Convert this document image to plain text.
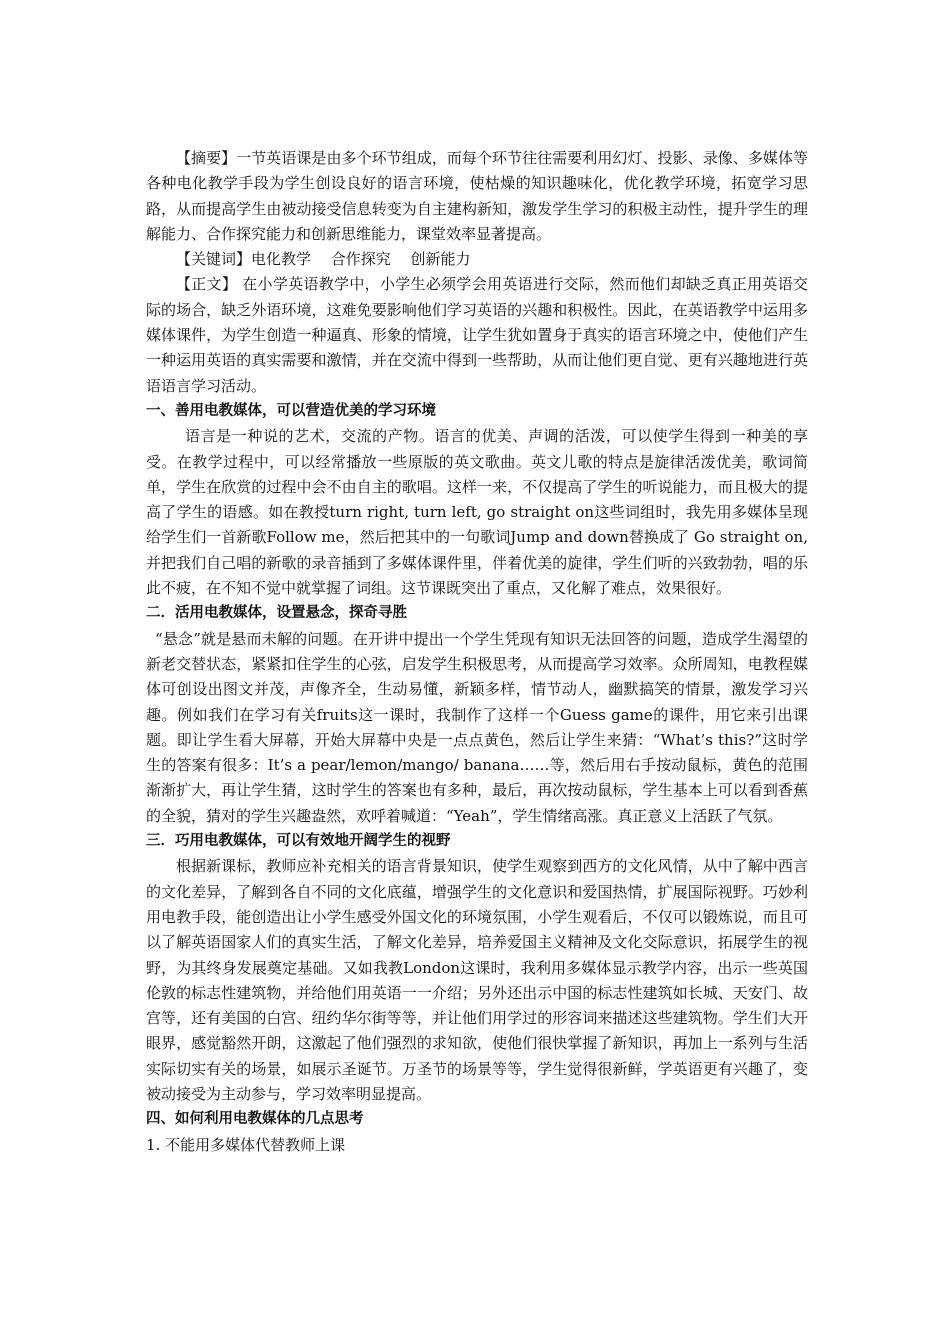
【摘要】一节英语课是由多个环节组成，而每个环节往往需要利用幻灯、投影、录像、多媒体等各种电化教学手段为学生创设良好的语言环境，使枯燥的知识趣味化，优化教学环境，拓宽学习思路，从而提高学生由被动接受信息转变为自主建构新知，激发学生学习的积极主动性，提升学生的理解能力、合作探究能力和创新思维能力，课堂效率显著提高。

【关键词】电化教学　 合作探究　 创新能力

【正文】 在小学英语教学中，小学生必须学会用英语进行交际，然而他们却缺乏真正用英语交际的场合，缺乏外语环境，这难免要影响他们学习英语的兴趣和积极性。因此，在英语教学中运用多媒体课件，为学生创造一种逼真、形象的情境，让学生犹如置身于真实的语言环境之中，使他们产生一种运用英语的真实需要和激情，并在交流中得到一些帮助，从而让他们更自觉、更有兴趣地进行英语语言学习活动。

一、善用电教媒体，可以营造优美的学习环境

语言是一种说的艺术，交流的产物。语言的优美、声调的活泼，可以使学生得到一种美的享受。在教学过程中，可以经常播放一些原版的英文歌曲。英文儿歌的特点是旋律活泼优美，歌词简单，学生在欣赏的过程中会不由自主的歌唱。这样一来，不仅提高了学生的听说能力，而且极大的提高了学生的语感。如在教授turn right, turn left, go straight on这些词组时，我先用多媒体呈现给学生们一首新歌Follow me，然后把其中的一句歌词Jump and down替换成了 Go straight on,并把我们自己唱的新歌的录音插到了多媒体课件里，伴着优美的旋律，学生们听的兴致勃勃，唱的乐此不疲，在不知不觉中就掌握了词组。这节课既突出了重点，又化解了难点，效果很好。

二．活用电教媒体，设置悬念，探奇寻胜

“悬念”就是悬而未解的问题。在开讲中提出一个学生凭现有知识无法回答的问题，造成学生渴望的新老交替状态，紧紧扣住学生的心弦，启发学生积极思考，从而提高学习效率。众所周知，电教程媒体可创设出图文并茂，声像齐全，生动易懂，新颖多样，情节动人，幽默搞笑的情景，激发学习兴趣。例如我们在学习有关fruits这一课时，我制作了这样一个Guess game的课件，用它来引出课题。即让学生看大屏幕，开始大屏幕中央是一点点黄色，然后让学生来猜：“What’s this?”这时学生的答案有很多：It’s a pear/lemon/mango/ banana……等，然后用右手按动鼠标，黄色的范围渐渐扩大，再让学生猜，这时学生的答案也有多种，最后，再次按动鼠标，学生基本上可以看到香蕉的全貌，猜对的学生兴趣盎然，欢呼着喊道：“Yeah”，学生情绪高涨。真正意义上活跃了气氛。

三．巧用电教媒体，可以有效地开阔学生的视野

根据新课标，教师应补充相关的语言背景知识，使学生观察到西方的文化风情，从中了解中西言的文化差异，了解到各自不同的文化底蕴，增强学生的文化意识和爱国热情，扩展国际视野。巧妙利用电教手段，能创造出让小学生感受外国文化的环境氛围，小学生观看后，不仅可以锻炼说，而且可以了解英语国家人们的真实生活，了解文化差异，培养爱国主义精神及文化交际意识，拓展学生的视野，为其终身发展奠定基础。又如我教London这课时，我利用多媒体显示教学内容，出示一些英国伦敦的标志性建筑物，并给他们用英语一一介绍；另外还出示中国的标志性建筑如长城、天安门、故宫等，还有美国的白宫、纽约华尔街等等，并让他们用学过的形容词来描述这些建筑物。学生们大开眼界，感觉豁然开朗，这激起了他们强烈的求知欲，使他们很快掌握了新知识，再加上一系列与生活实际切实有关的场景，如展示圣诞节。万圣节的场景等等，学生觉得很新鲜，学英语更有兴趣了，变被动接受为主动参与，学习效率明显提高。

四、如何利用电教媒体的几点思考

1. 不能用多媒体代替教师上课
